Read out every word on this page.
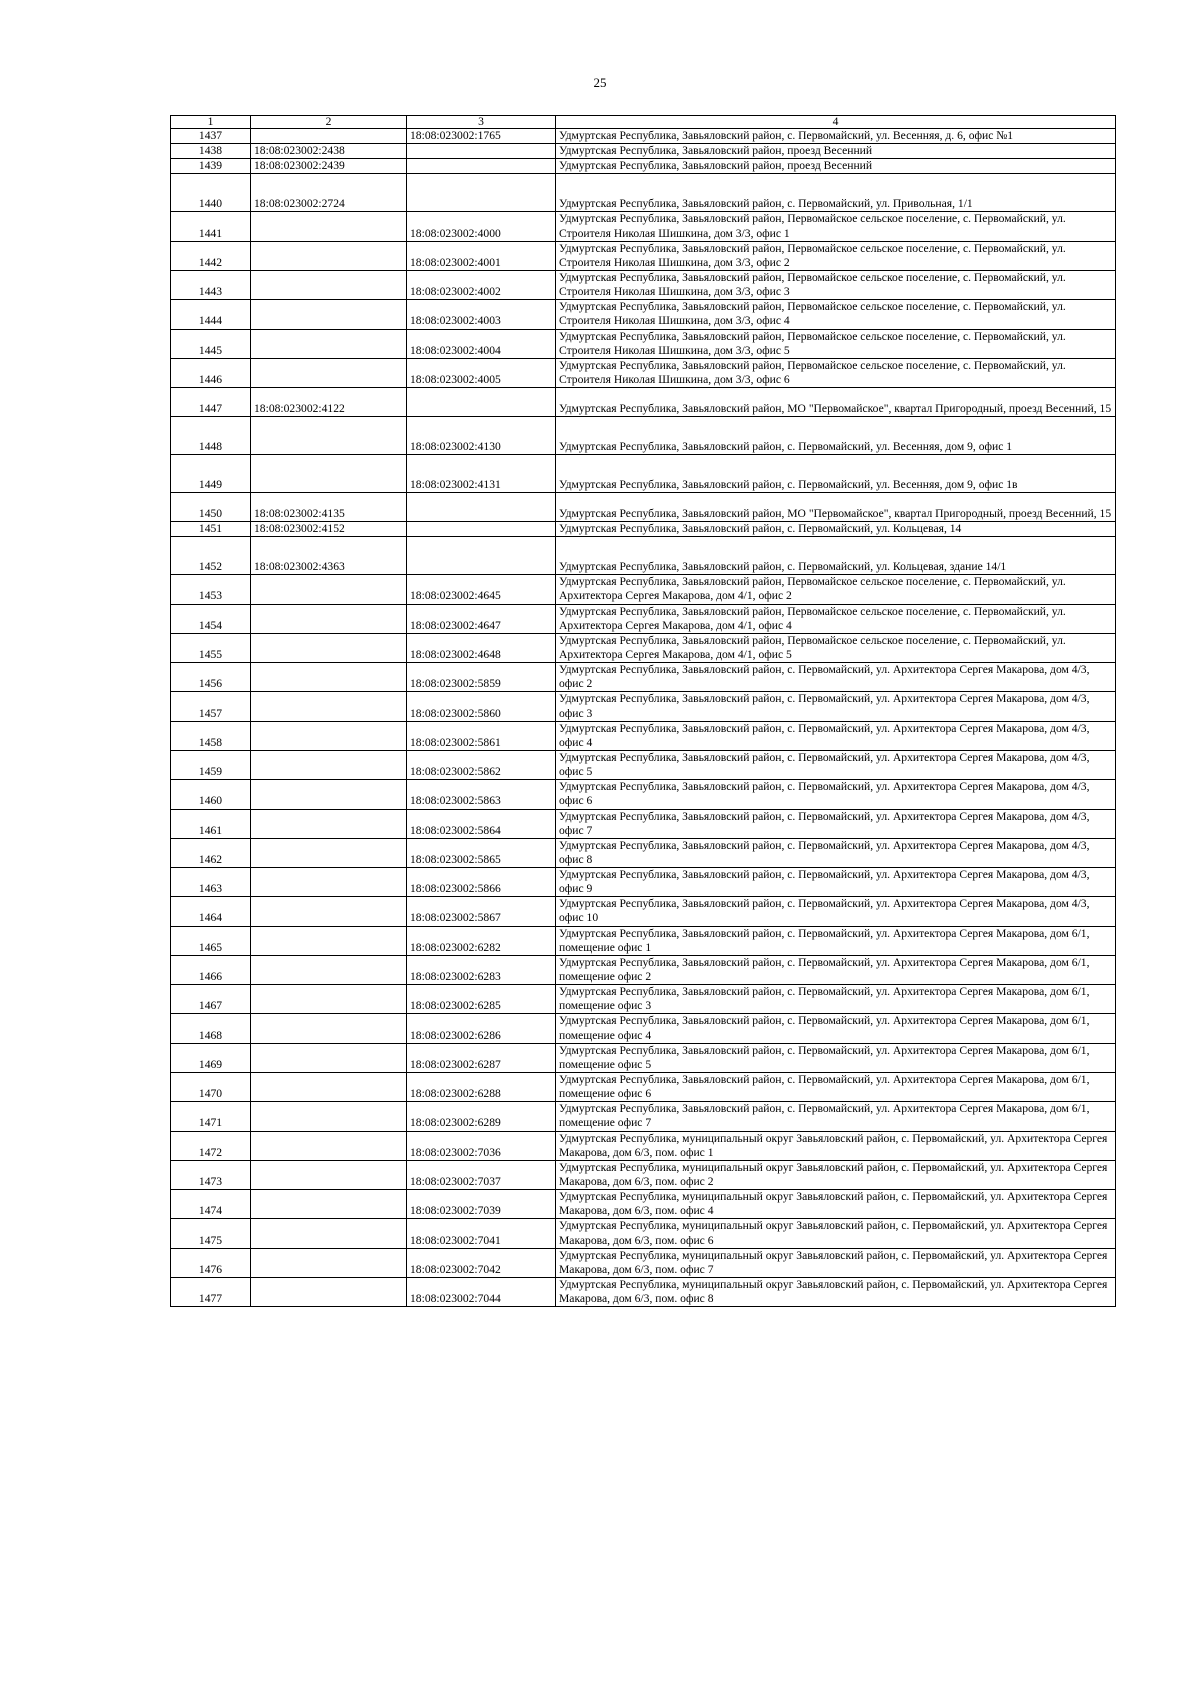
25
1	2	3	4
1437		18:08:023002:1765	Удмуртская Республика, Завьяловский район, с. Первомайский, ул. Весенняя, д. 6, офис №1
1438	18:08:023002:2438		Удмуртская Республика, Завьяловский район, проезд Весенний
1439	18:08:023002:2439		Удмуртская Республика, Завьяловский район, проезд Весенний
1440	18:08:023002:2724		Удмуртская Республика, Завьяловский район, с. Первомайский, ул. Привольная, 1/1
1441		18:08:023002:4000	Удмуртская Республика, Завьяловский район, Первомайское сельское поселение, с. Первомайский, ул. Строителя Николая Шишкина, дом 3/3, офис 1
1442		18:08:023002:4001	Удмуртская Республика, Завьяловский район, Первомайское сельское поселение, с. Первомайский, ул. Строителя Николая Шишкина, дом 3/3, офис 2
1443		18:08:023002:4002	Удмуртская Республика, Завьяловский район, Первомайское сельское поселение, с. Первомайский, ул. Строителя Николая Шишкина, дом 3/3, офис 3
1444		18:08:023002:4003	Удмуртская Республика, Завьяловский район, Первомайское сельское поселение, с. Первомайский, ул. Строителя Николая Шишкина, дом 3/3, офис 4
1445		18:08:023002:4004	Удмуртская Республика, Завьяловский район, Первомайское сельское поселение, с. Первомайский, ул. Строителя Николая Шишкина, дом 3/3, офис 5
1446		18:08:023002:4005	Удмуртская Республика, Завьяловский район, Первомайское сельское поселение, с. Первомайский, ул. Строителя Николая Шишкина, дом 3/3, офис 6
1447	18:08:023002:4122		Удмуртская Республика, Завьяловский район, МО "Первомайское", квартал Пригородный, проезд Весенний, 15
1448		18:08:023002:4130	Удмуртская Республика, Завьяловский район, с. Первомайский, ул. Весенняя, дом 9, офис 1
1449		18:08:023002:4131	Удмуртская Республика, Завьяловский район, с. Первомайский, ул. Весенняя, дом 9, офис 1в
1450	18:08:023002:4135		Удмуртская Республика, Завьяловский район, МО "Первомайское", квартал Пригородный, проезд Весенний, 15
1451	18:08:023002:4152		Удмуртская Республика, Завьяловский район, с. Первомайский, ул. Кольцевая, 14
1452	18:08:023002:4363		Удмуртская Республика, Завьяловский район, с. Первомайский, ул. Кольцевая, здание 14/1
1453		18:08:023002:4645	Удмуртская Республика, Завьяловский район, Первомайское сельское поселение, с. Первомайский, ул. Архитектора Сергея Макарова, дом 4/1, офис 2
1454		18:08:023002:4647	Удмуртская Республика, Завьяловский район, Первомайское сельское поселение, с. Первомайский, ул. Архитектора Сергея Макарова, дом 4/1, офис 4
1455		18:08:023002:4648	Удмуртская Республика, Завьяловский район, Первомайское сельское поселение, с. Первомайский, ул. Архитектора Сергея Макарова, дом 4/1, офис 5
1456		18:08:023002:5859	Удмуртская Республика, Завьяловский район, с. Первомайский, ул. Архитектора Сергея Макарова, дом 4/3, офис 2
1457		18:08:023002:5860	Удмуртская Республика, Завьяловский район, с. Первомайский, ул. Архитектора Сергея Макарова, дом 4/3, офис 3
1458		18:08:023002:5861	Удмуртская Республика, Завьяловский район, с. Первомайский, ул. Архитектора Сергея Макарова, дом 4/3, офис 4
1459		18:08:023002:5862	Удмуртская Республика, Завьяловский район, с. Первомайский, ул. Архитектора Сергея Макарова, дом 4/3, офис 5
1460		18:08:023002:5863	Удмуртская Республика, Завьяловский район, с. Первомайский, ул. Архитектора Сергея Макарова, дом 4/3, офис 6
1461		18:08:023002:5864	Удмуртская Республика, Завьяловский район, с. Первомайский, ул. Архитектора Сергея Макарова, дом 4/3, офис 7
1462		18:08:023002:5865	Удмуртская Республика, Завьяловский район, с. Первомайский, ул. Архитектора Сергея Макарова, дом 4/3, офис 8
1463		18:08:023002:5866	Удмуртская Республика, Завьяловский район, с. Первомайский, ул. Архитектора Сергея Макарова, дом 4/3, офис 9
1464		18:08:023002:5867	Удмуртская Республика, Завьяловский район, с. Первомайский, ул. Архитектора Сергея Макарова, дом 4/3, офис 10
1465		18:08:023002:6282	Удмуртская Республика, Завьяловский район, с. Первомайский, ул. Архитектора Сергея Макарова, дом 6/1, помещение офис 1
1466		18:08:023002:6283	Удмуртская Республика, Завьяловский район, с. Первомайский, ул. Архитектора Сергея Макарова, дом 6/1, помещение офис 2
1467		18:08:023002:6285	Удмуртская Республика, Завьяловский район, с. Первомайский, ул. Архитектора Сергея Макарова, дом 6/1, помещение офис 3
1468		18:08:023002:6286	Удмуртская Республика, Завьяловский район, с. Первомайский, ул. Архитектора Сергея Макарова, дом 6/1, помещение офис 4
1469		18:08:023002:6287	Удмуртская Республика, Завьяловский район, с. Первомайский, ул. Архитектора Сергея Макарова, дом 6/1, помещение офис 5
1470		18:08:023002:6288	Удмуртская Республика, Завьяловский район, с. Первомайский, ул. Архитектора Сергея Макарова, дом 6/1, помещение офис 6
1471		18:08:023002:6289	Удмуртская Республика, Завьяловский район, с. Первомайский, ул. Архитектора Сергея Макарова, дом 6/1, помещение офис 7
1472		18:08:023002:7036	Удмуртская Республика, муниципальный округ Завьяловский район, с. Первомайский, ул. Архитектора Сергея Макарова, дом 6/3, пом. офис 1
1473		18:08:023002:7037	Удмуртская Республика, муниципальный округ Завьяловский район, с. Первомайский, ул. Архитектора Сергея Макарова, дом 6/3, пом. офис 2
1474		18:08:023002:7039	Удмуртская Республика, муниципальный округ Завьяловский район, с. Первомайский, ул. Архитектора Сергея Макарова, дом 6/3, пом. офис 4
1475		18:08:023002:7041	Удмуртская Республика, муниципальный округ Завьяловский район, с. Первомайский, ул. Архитектора Сергея Макарова, дом 6/3, пом. офис 6
1476		18:08:023002:7042	Удмуртская Республика, муниципальный округ Завьяловский район, с. Первомайский, ул. Архитектора Сергея Макарова, дом 6/3, пом. офис 7
1477		18:08:023002:7044	Удмуртская Республика, муниципальный округ Завьяловский район, с. Первомайский, ул. Архитектора Сергея Макарова, дом 6/3, пом. офис 8
